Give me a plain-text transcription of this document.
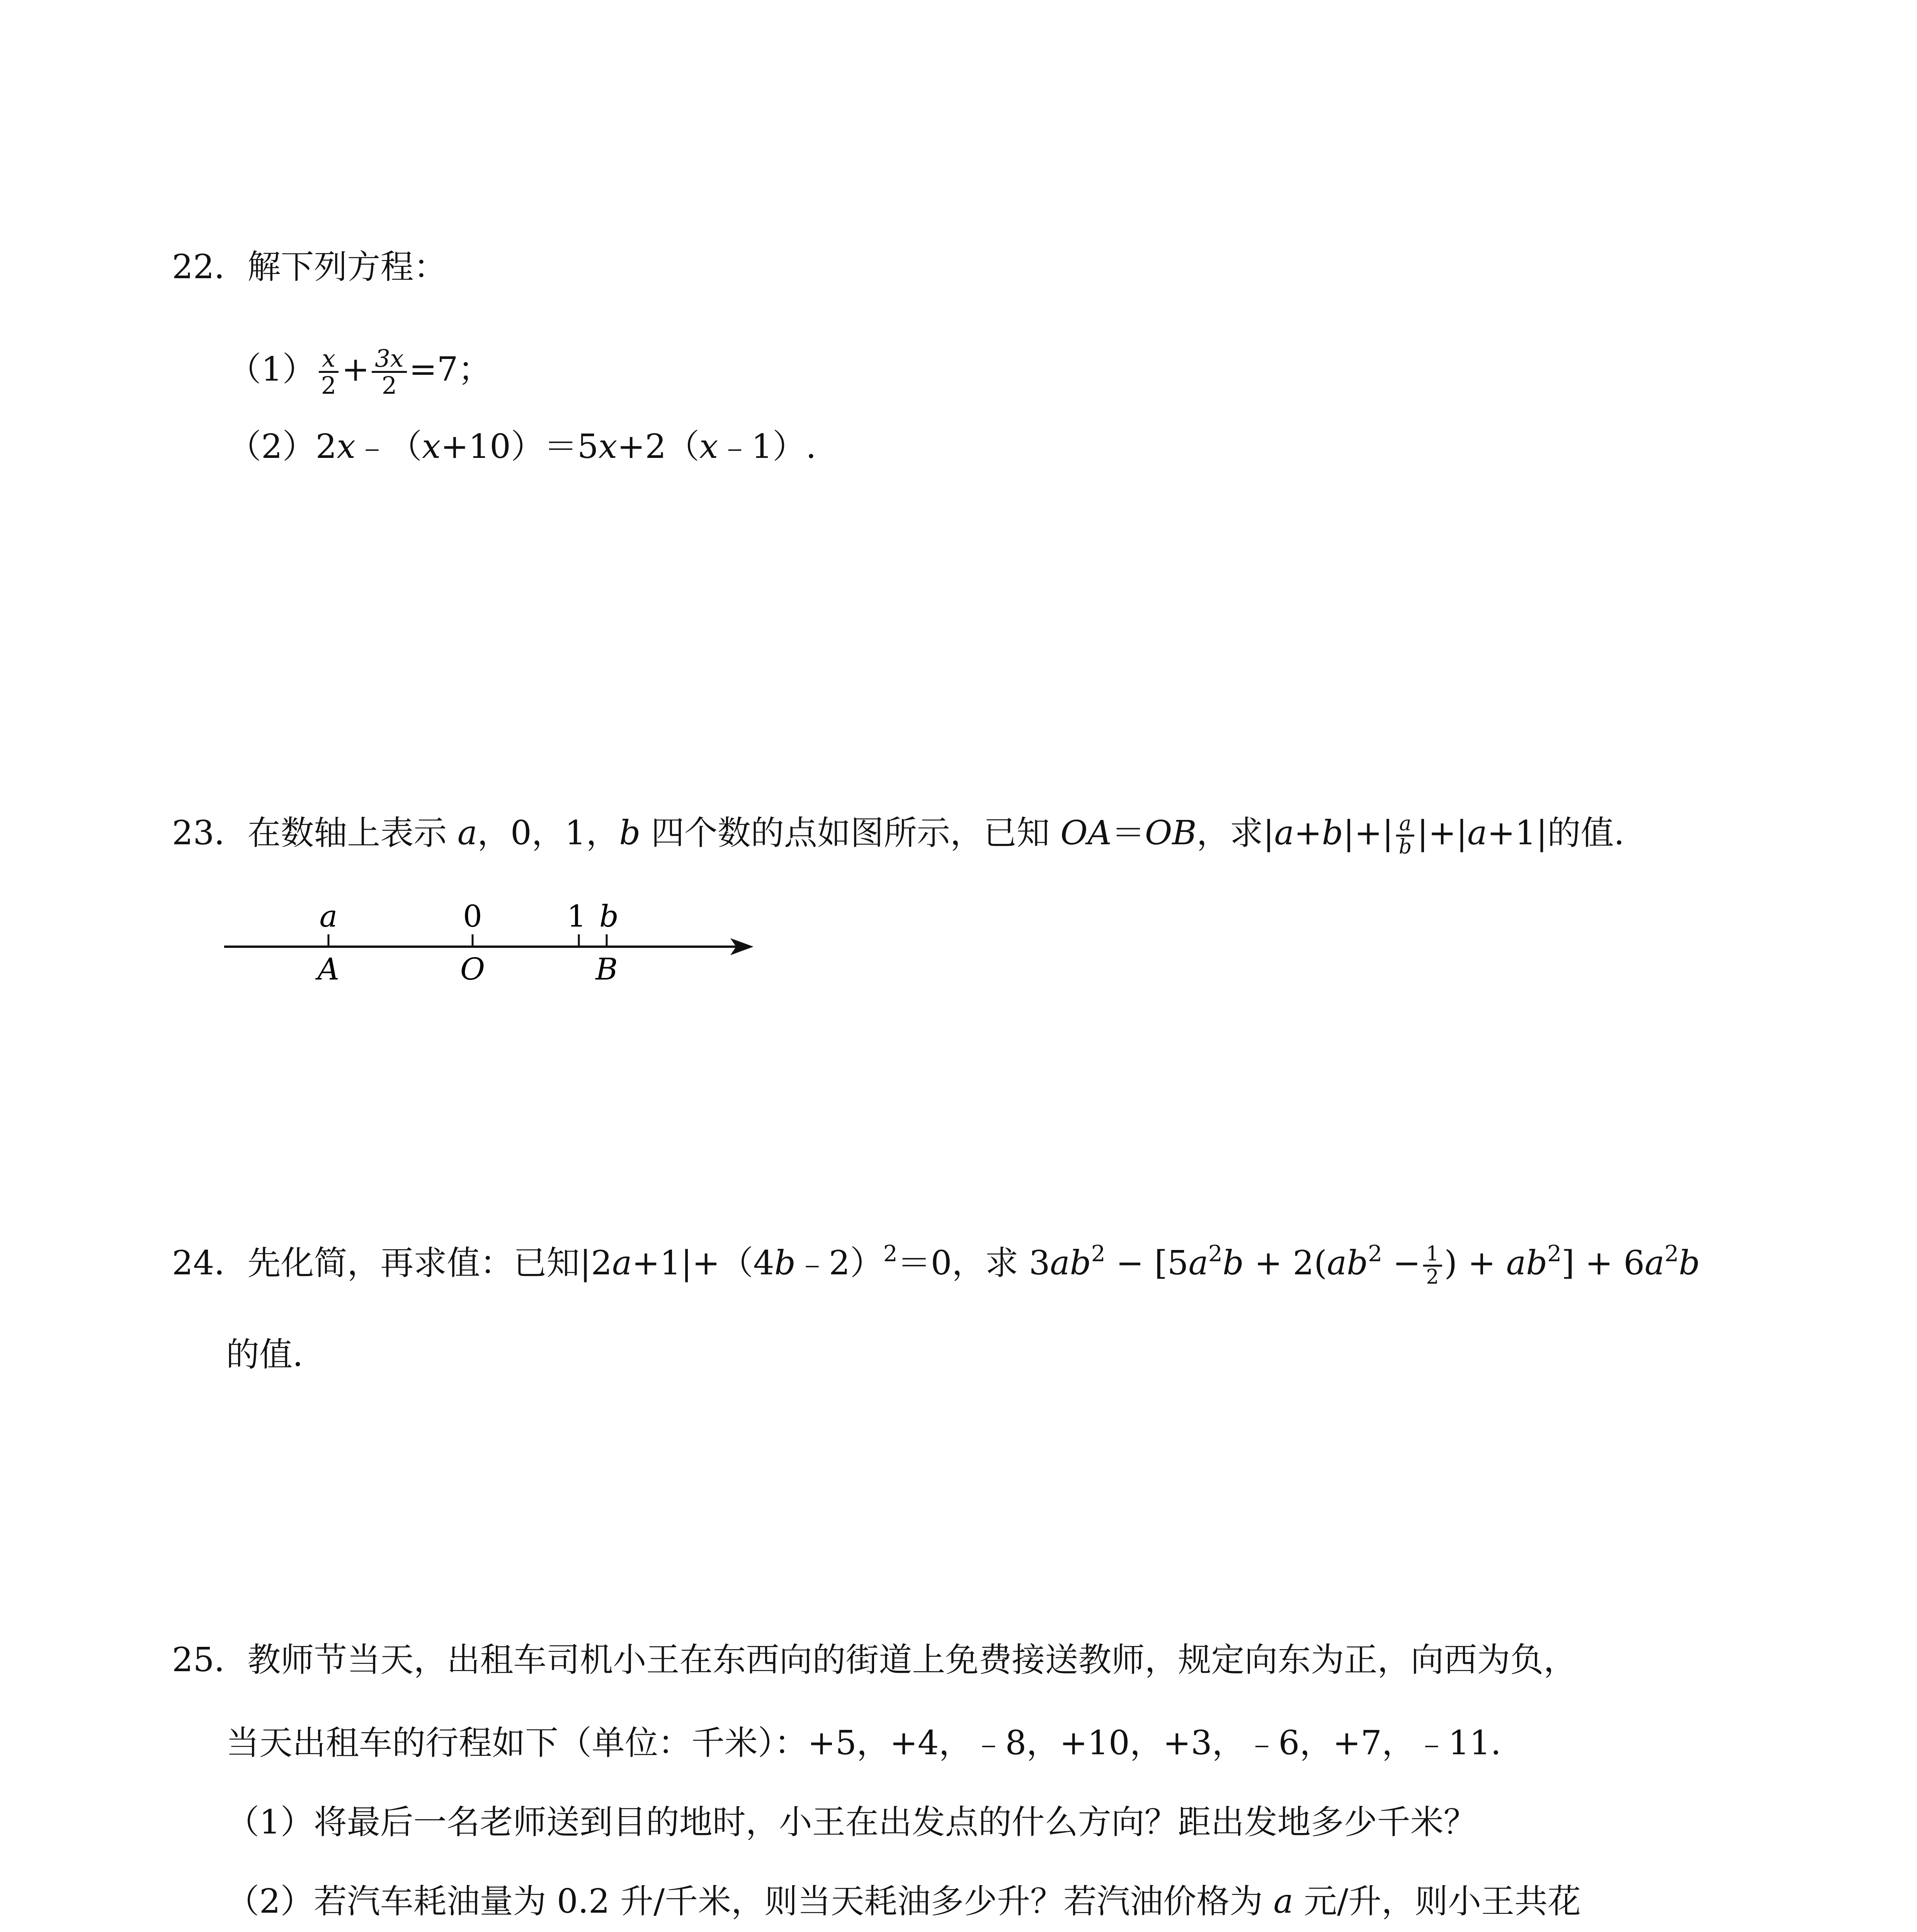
22．解下列方程：
$(1) \frac{x}{2} + \frac{3x}{2} =7$；
（2）2x﹣（x+10）＝5x+2（x﹣1）.
23．在数轴上表示 a，0，1，b 四个数的点如图所示，已知 OA＝OB，求$|a+b|+| \frac{a}{b} |+|a+1|$的值.
a	0	1 b
A	O	B
24．先化简，再求值：已知|2a+1|+（4b﹣2）$^2$＝0，求 $3ab^2 - [5a^2b + 2(ab^2 - \frac{1}{2}$ ) + $ab^2] + 6a^2b$
的值.
25．教师节当天，出租车司机小王在东西向的街道上免费接送教师，规定向东为正，向西为负，
当天出租车的行程如下（单位：千米）：+5，+4，﹣8，+10，+3，﹣6，+7，﹣11.
（1）将最后一名老师送到目的地时，小王在出发点的什么方向？距出发地多少千米？
（2）若汽车耗油量为 0.2 升/千米，则当天耗油多少升？若汽油价格为 a 元/升，则小王共花
